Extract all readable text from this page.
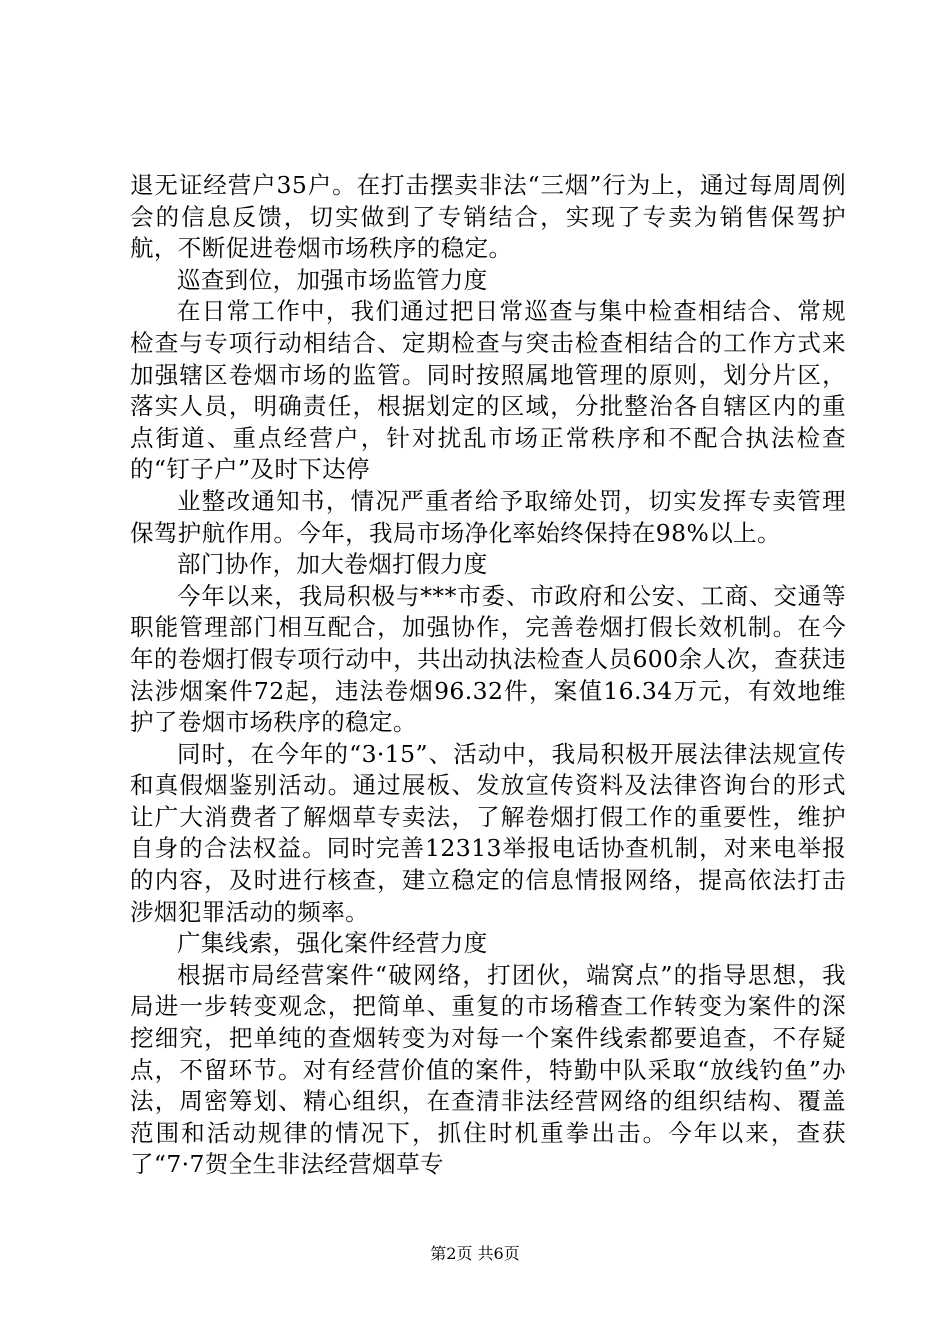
退无证经营户35户。在打击摆卖非法“三烟”行为上，通过每周周例会的信息反馈，切实做到了专销结合，实现了专卖为销售保驾护航，不断促进卷烟市场秩序的稳定。

巡查到位，加强市场监管力度

在日常工作中，我们通过把日常巡查与集中检查相结合、常规检查与专项行动相结合、定期检查与突击检查相结合的工作方式来加强辖区卷烟市场的监管。同时按照属地管理的原则，划分片区，落实人员，明确责任，根据划定的区域，分批整治各自辖区内的重点街道、重点经营户，针对扰乱市场正常秩序和不配合执法检查的“钉子户”及时下达停

业整改通知书，情况严重者给予取缔处罚，切实发挥专卖管理保驾护航作用。今年，我局市场净化率始终保持在98%以上。

部门协作，加大卷烟打假力度

今年以来，我局积极与***市委、市政府和公安、工商、交通等职能管理部门相互配合，加强协作，完善卷烟打假长效机制。在今年的卷烟打假专项行动中，共出动执法检查人员600余人次，查获违法涉烟案件72起，违法卷烟96.32件，案值16.34万元，有效地维护了卷烟市场秩序的稳定。

同时，在今年的“3·15”、活动中，我局积极开展法律法规宣传和真假烟鉴别活动。通过展板、发放宣传资料及法律咨询台的形式让广大消费者了解烟草专卖法，了解卷烟打假工作的重要性，维护自身的合法权益。同时完善12313举报电话协查机制，对来电举报的内容，及时进行核查，建立稳定的信息情报网络，提高依法打击涉烟犯罪活动的频率。

广集线索，强化案件经营力度

根据市局经营案件“破网络，打团伙，端窝点”的指导思想，我局进一步转变观念，把简单、重复的市场稽查工作转变为案件的深挖细究，把单纯的查烟转变为对每一个案件线索都要追查，不存疑点，不留环节。对有经营价值的案件，特勤中队采取“放线钓鱼”办法，周密筹划、精心组织，在查清非法经营网络的组织结构、覆盖范围和活动规律的情况下，抓住时机重拳出击。今年以来，查获了“7·7贺全生非法经营烟草专

第2页 共6页
